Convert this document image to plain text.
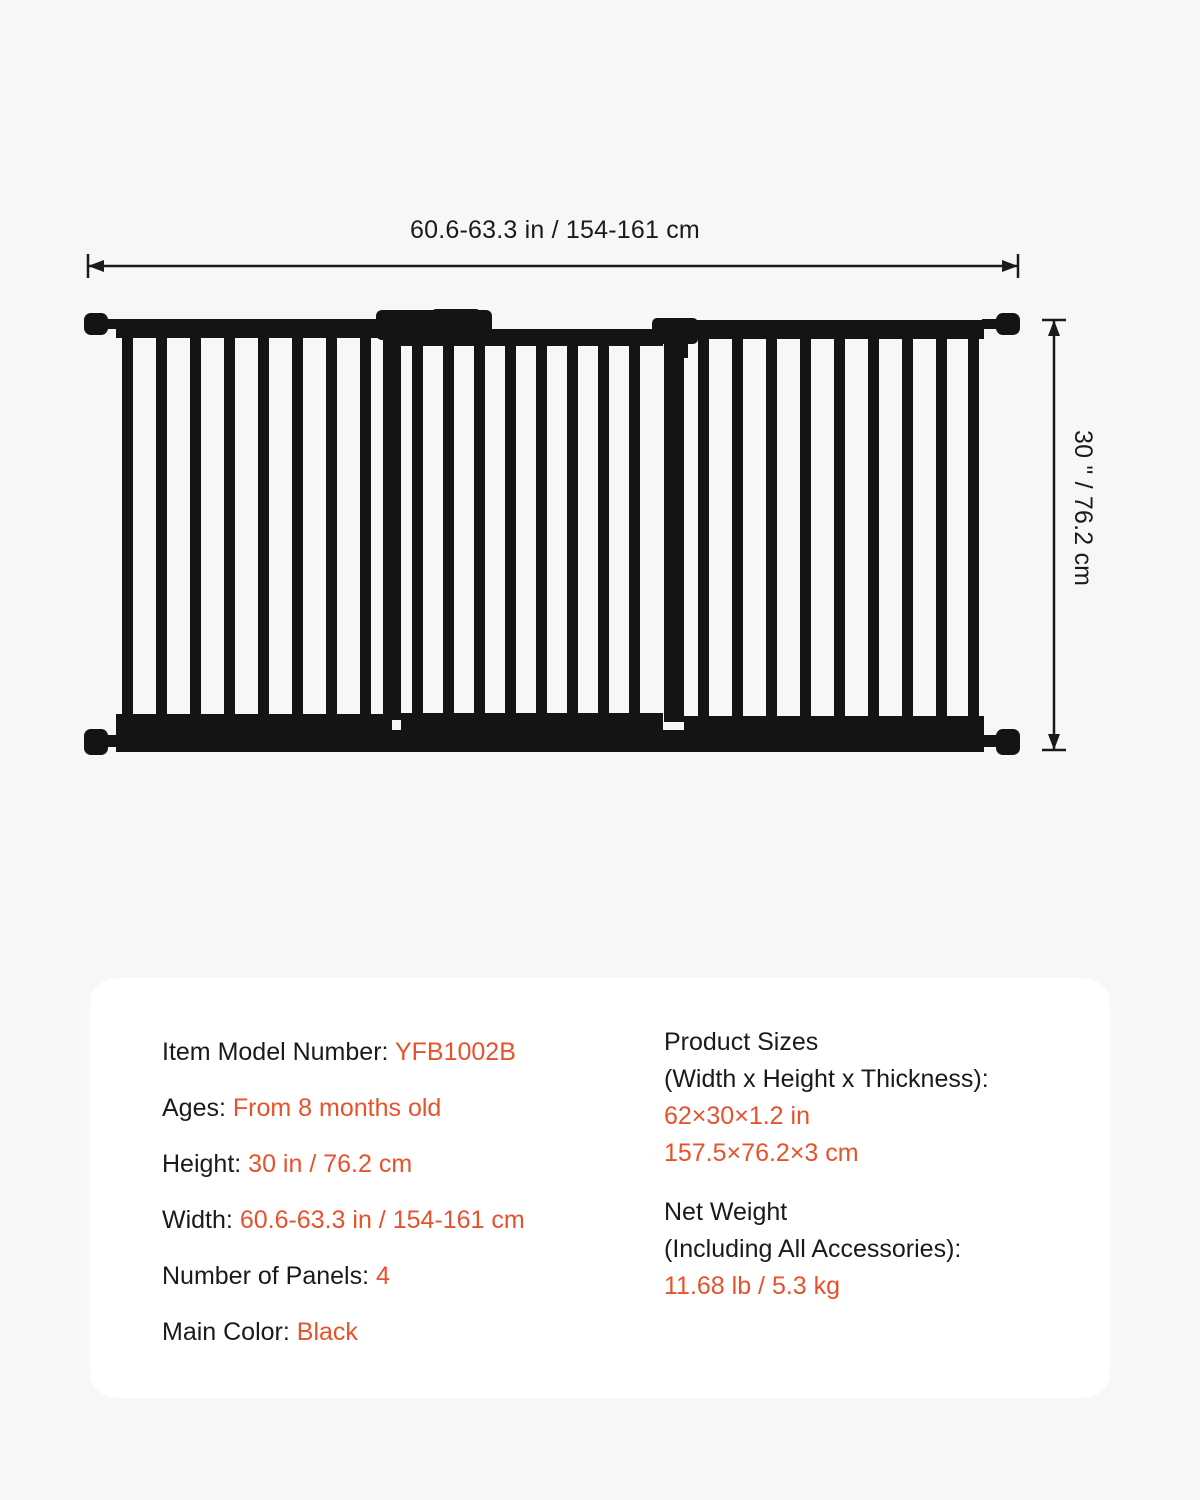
60.6-63.3 in / 154-161 cm
30 " / 76.2 cm
Item Model Number: YFB1002B
Ages: From 8 months old
Height: 30 in / 76.2 cm
Width: 60.6-63.3 in / 154-161 cm
Number of Panels: 4
Main Color: Black
Product Sizes
(Width x Height x Thickness):
62×30×1.2 in
157.5×76.2×3 cm
Net Weight
(Including All Accessories):
11.68 lb / 5.3 kg
